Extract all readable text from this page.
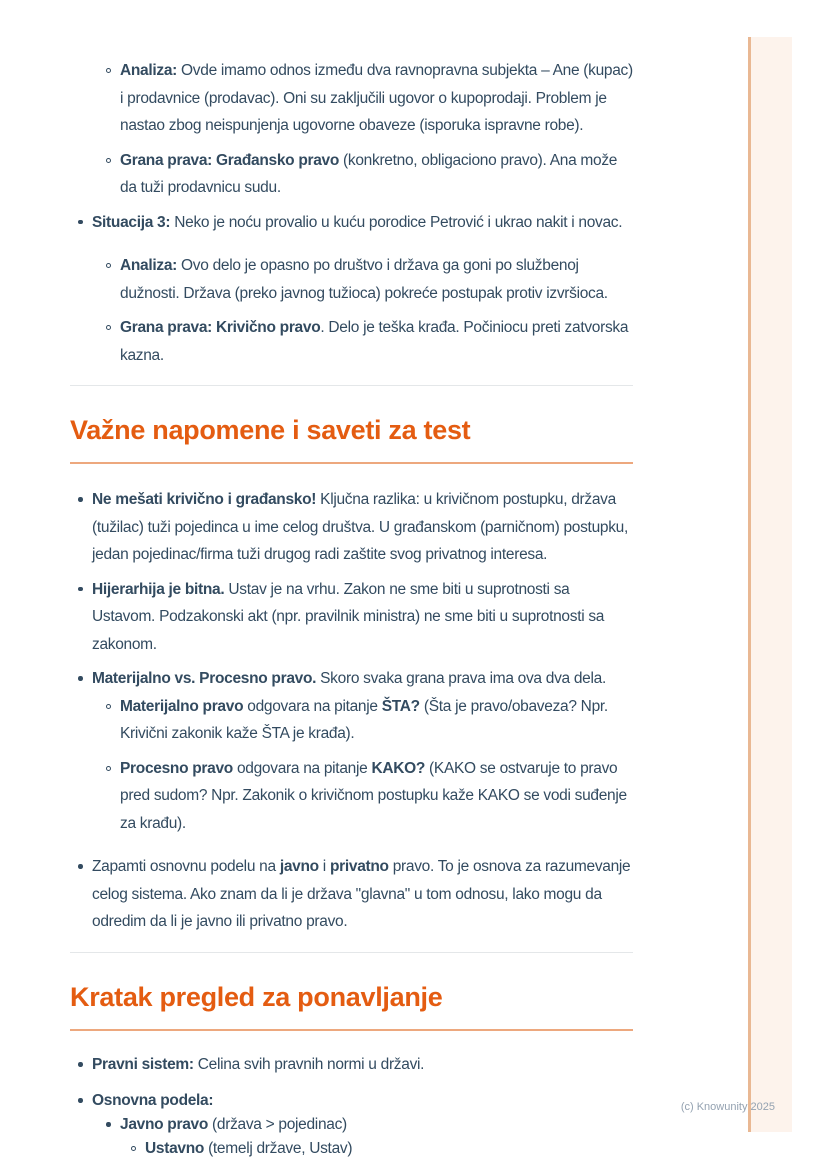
Analiza: Ovde imamo odnos između dva ravnopravna subjekta – Ane (kupac) i prodavnice (prodavac). Oni su zaključili ugovor o kupoprodaji. Problem je nastao zbog neispunjenja ugovorne obaveze (isporuka ispravne robe).
Grana prava: Građansko pravo (konkretno, obligaciono pravo). Ana može da tuži prodavnicu sudu.
Situacija 3: Neko je noću provalio u kuću porodice Petrović i ukrao nakit i novac.
Analiza: Ovo delo je opasno po društvo i država ga goni po službenoj dužnosti. Država (preko javnog tužioca) pokreće postupak protiv izvršioca.
Grana prava: Krivično pravo. Delo je teška krađa. Počiniocu preti zatvorska kazna.
Važne napomene i saveti za test
Ne mešati krivično i građansko! Ključna razlika: u krivičnom postupku, država (tužilac) tuži pojedinca u ime celog društva. U građanskom (parničnom) postupku, jedan pojedinac/firma tuži drugog radi zaštite svog privatnog interesa.
Hijerarhija je bitna. Ustav je na vrhu. Zakon ne sme biti u suprotnosti sa Ustavom. Podzakonski akt (npr. pravilnik ministra) ne sme biti u suprotnosti sa zakonom.
Materijalno vs. Procesno pravo. Skoro svaka grana prava ima ova dva dela.
Materijalno pravo odgovara na pitanje ŠTA? (Šta je pravo/obaveza? Npr. Krivični zakonik kaže ŠTA je krađa).
Procesno pravo odgovara na pitanje KAKO? (KAKO se ostvaruje to pravo pred sudom? Npr. Zakonik o krivičnom postupku kaže KAKO se vodi suđenje za krađu).
Zapamti osnovnu podelu na javno i privatno pravo. To je osnova za razumevanje celog sistema. Ako znam da li je država "glavna" u tom odnosu, lako mogu da odredim da li je javno ili privatno pravo.
Kratak pregled za ponavljanje
Pravni sistem: Celina svih pravnih normi u državi.
Osnovna podela:
Javno pravo (država > pojedinac)
Ustavno (temelj države, Ustav)
(c) Knowunity 2025
